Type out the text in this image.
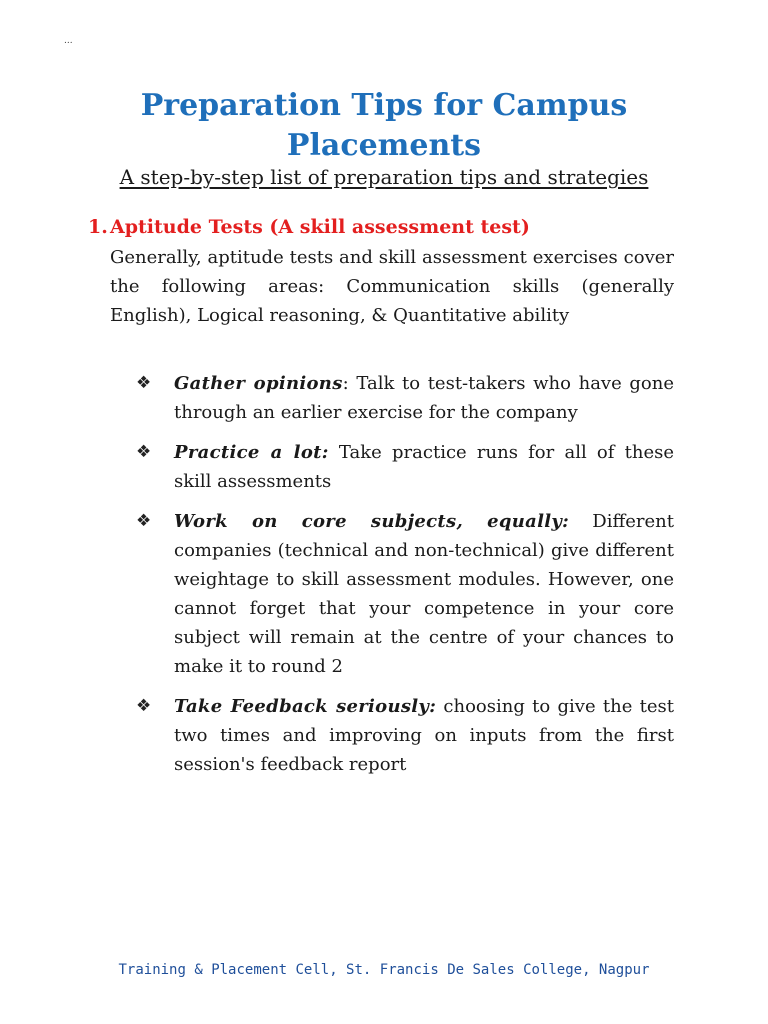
...
Preparation Tips for Campus Placements

A step-by-step list of preparation tips and strategies

1. Aptitude Tests (A skill assessment test)

Generally, aptitude tests and skill assessment exercises cover the following areas: Communication skills (generally English), Logical reasoning, & Quantitative ability

❖ Gather opinions: Talk to test-takers who have gone through an earlier exercise for the company
❖ Practice a lot: Take practice runs for all of these skill assessments
❖ Work on core subjects, equally: Different companies (technical and non-technical) give different weightage to skill assessment modules. However, one cannot forget that your competence in your core subject will remain at the centre of your chances to make it to round 2
❖ Take Feedback seriously: choosing to give the test two times and improving on inputs from the first session's feedback report

Training & Placement Cell, St. Francis De Sales College, Nagpur
